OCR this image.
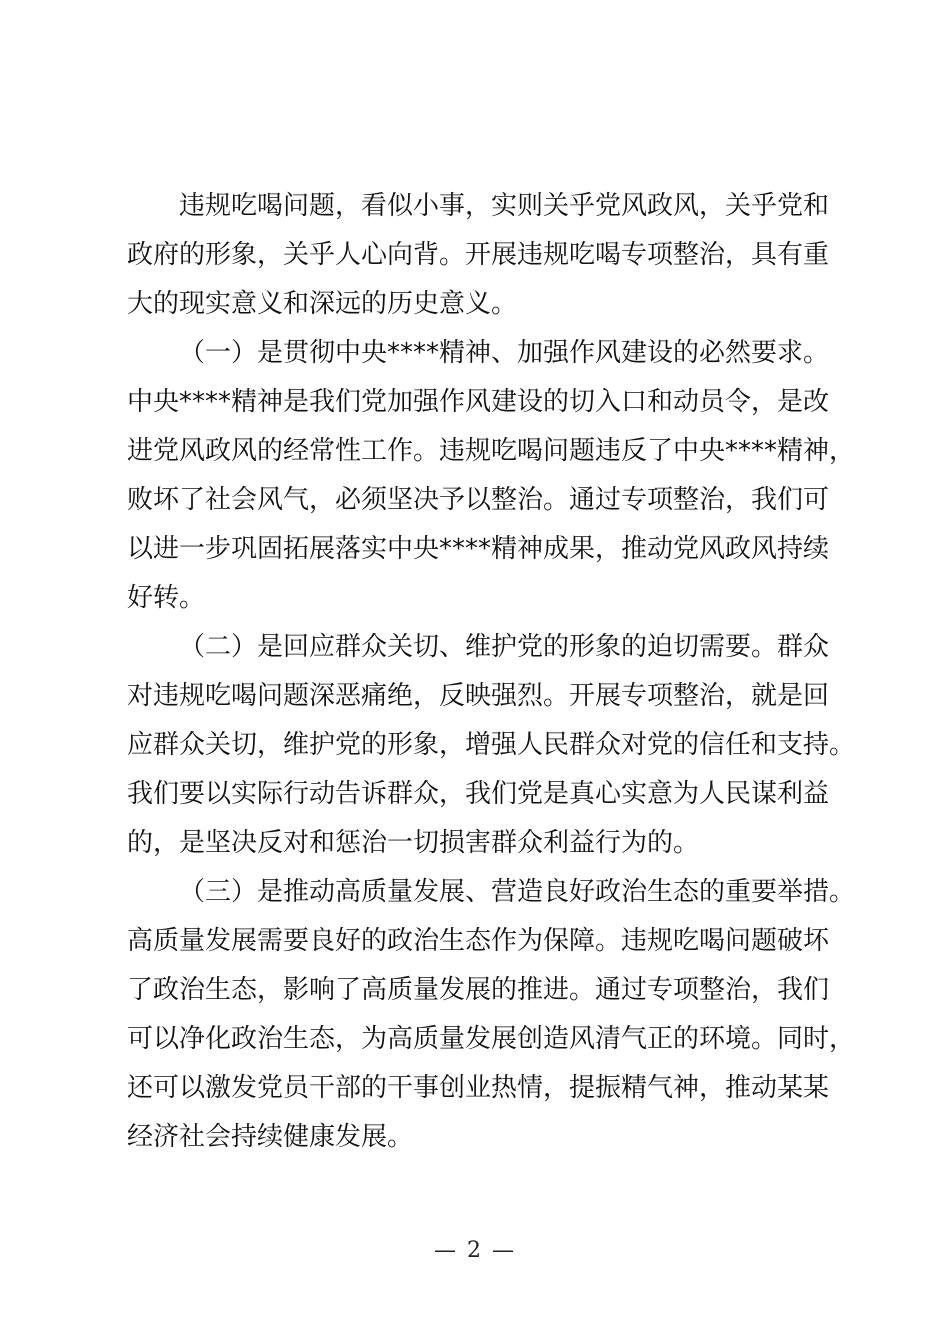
违规吃喝问题，看似小事，实则关乎党风政风，关乎党和
政府的形象，关乎人心向背。开展违规吃喝专项整治，具有重
大的现实意义和深远的历史意义。

（一）是贯彻中央****精神、加强作风建设的必然要求。
中央****精神是我们党加强作风建设的切入口和动员令，是改
进党风政风的经常性工作。违规吃喝问题违反了中央****精神，
败坏了社会风气，必须坚决予以整治。通过专项整治，我们可
以进一步巩固拓展落实中央****精神成果，推动党风政风持续
好转。

（二）是回应群众关切、维护党的形象的迫切需要。群众
对违规吃喝问题深恶痛绝，反映强烈。开展专项整治，就是回
应群众关切，维护党的形象，增强人民群众对党的信任和支持。
我们要以实际行动告诉群众，我们党是真心实意为人民谋利益
的，是坚决反对和惩治一切损害群众利益行为的。

（三）是推动高质量发展、营造良好政治生态的重要举措。
高质量发展需要良好的政治生态作为保障。违规吃喝问题破坏
了政治生态，影响了高质量发展的推进。通过专项整治，我们
可以净化政治生态，为高质量发展创造风清气正的环境。同时，
还可以激发党员干部的干事创业热情，提振精气神，推动某某
经济社会持续健康发展。

— 2 —
